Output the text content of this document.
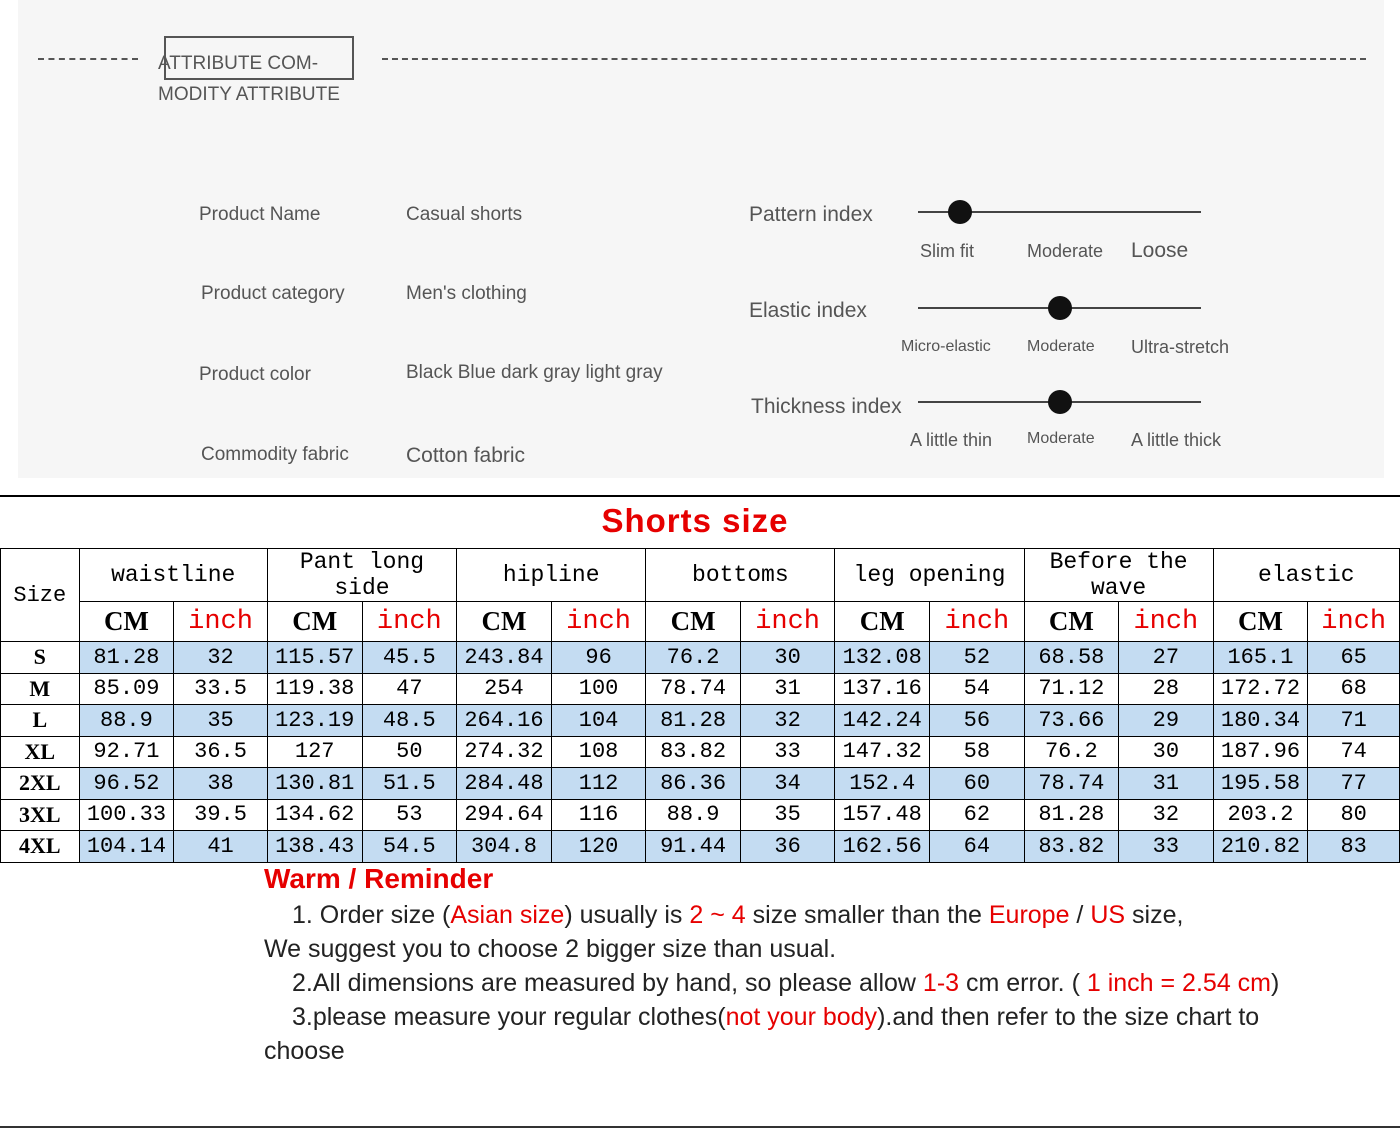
ATTRIBUTE COM-MODITY ATTRIBUTE
Product Name	Casual shorts
Product category	Men's clothing
Product color	Black Blue dark gray light gray
Commodity fabric	Cotton fabric
Pattern index
Slim fit	Moderate Loose
Elastic index
Micro-elastic Moderate Ultra-stretch
Thickness index
A little thin Moderate A little thick
Shorts size
Size	waistline		Pant long side		hipline		bottoms		leg opening		Before the wave		elastic	
	CM	inch	CM	inch	CM	inch	CM	inch	CM	inch	CM	inch	CM	inch
S	81.28	32	115.57	45.5	243.84	96	76.2	30	132.08	52	68.58	27	165.1	65
M	85.09	33.5	119.38	47	254	100	78.74	31	137.16	54	71.12	28	172.72	68
L	88.9	35	123.19	48.5	264.16	104	81.28	32	142.24	56	73.66	29	180.34	71
XL	92.71	36.5	127	50	274.32	108	83.82	33	147.32	58	76.2	30	187.96	74
2XL	96.52	38	130.81	51.5	284.48	112	86.36	34	152.4	60	78.74	31	195.58	77
3XL	100.33	39.5	134.62	53	294.64	116	88.9	35	157.48	62	81.28	32	203.2	80
4XL	104.14	41	138.43	54.5	304.8	120	91.44	36	162.56	64	83.82	33	210.82	83
Warm / Reminder

1. Order size (Asian size) usually is 2 ~ 4 size smaller than the Europe / US size,

We suggest you to choose 2 bigger size than usual.

2.All dimensions are measured by hand, so please allow 1-3 cm error. ( 1 inch = 2.54 cm)

3.please measure your regular clothes(not your body).and then refer to the size chart to choose
